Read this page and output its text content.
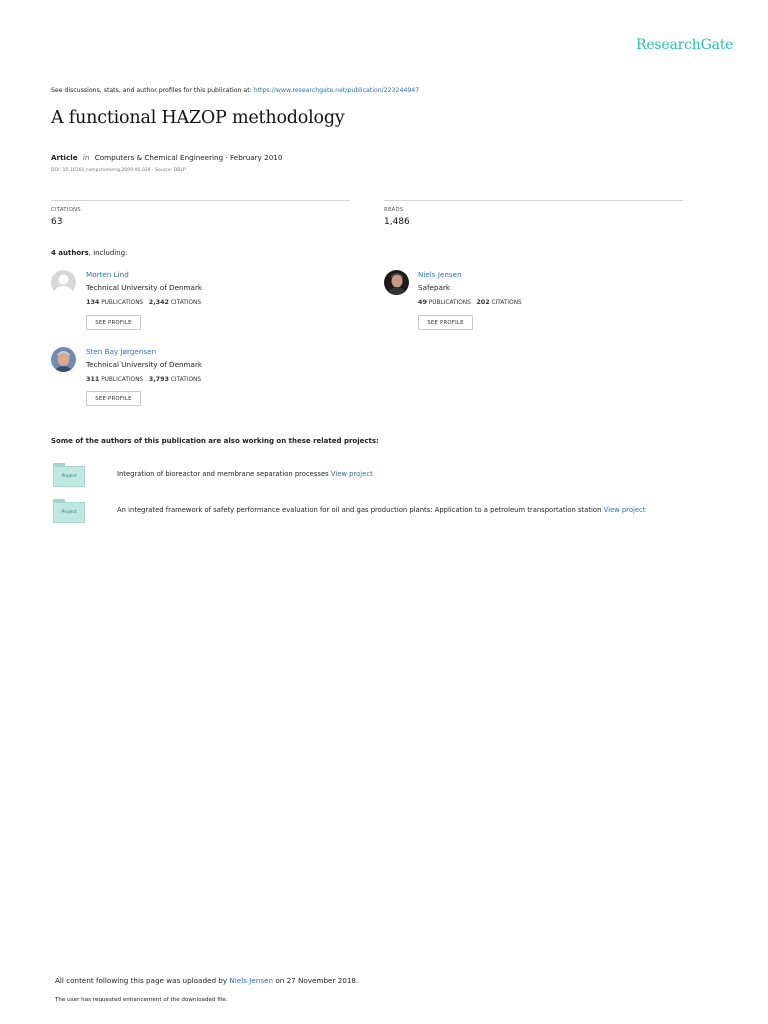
ResearchGate
See discussions, stats, and author profiles for this publication at: https://www.researchgate.net/publication/223244947
A functional HAZOP methodology
Article in Computers & Chemical Engineering · February 2010
DOI: 10.1016/j.compchemeng.2009.06.028 · Source: DBLP
CITATIONS
63
READS
1,486
4 authors, including:
Morten Lind
Technical University of Denmark
134 PUBLICATIONS 2,342 CITATIONS
SEE PROFILE
Niels Jensen
Safepark
49 PUBLICATIONS 202 CITATIONS
SEE PROFILE
Sten Bay Jørgensen
Technical University of Denmark
311 PUBLICATIONS 3,793 CITATIONS
SEE PROFILE
Some of the authors of this publication are also working on these related projects:
Project	Integration of bioreactor and membrane separation processes View project
Project	An integrated framework of safety performance evaluation for oil and gas production plants: Application to a petroleum transportation station View project
All content following this page was uploaded by Niels Jensen on 27 November 2018.
The user has requested enhancement of the downloaded file.
